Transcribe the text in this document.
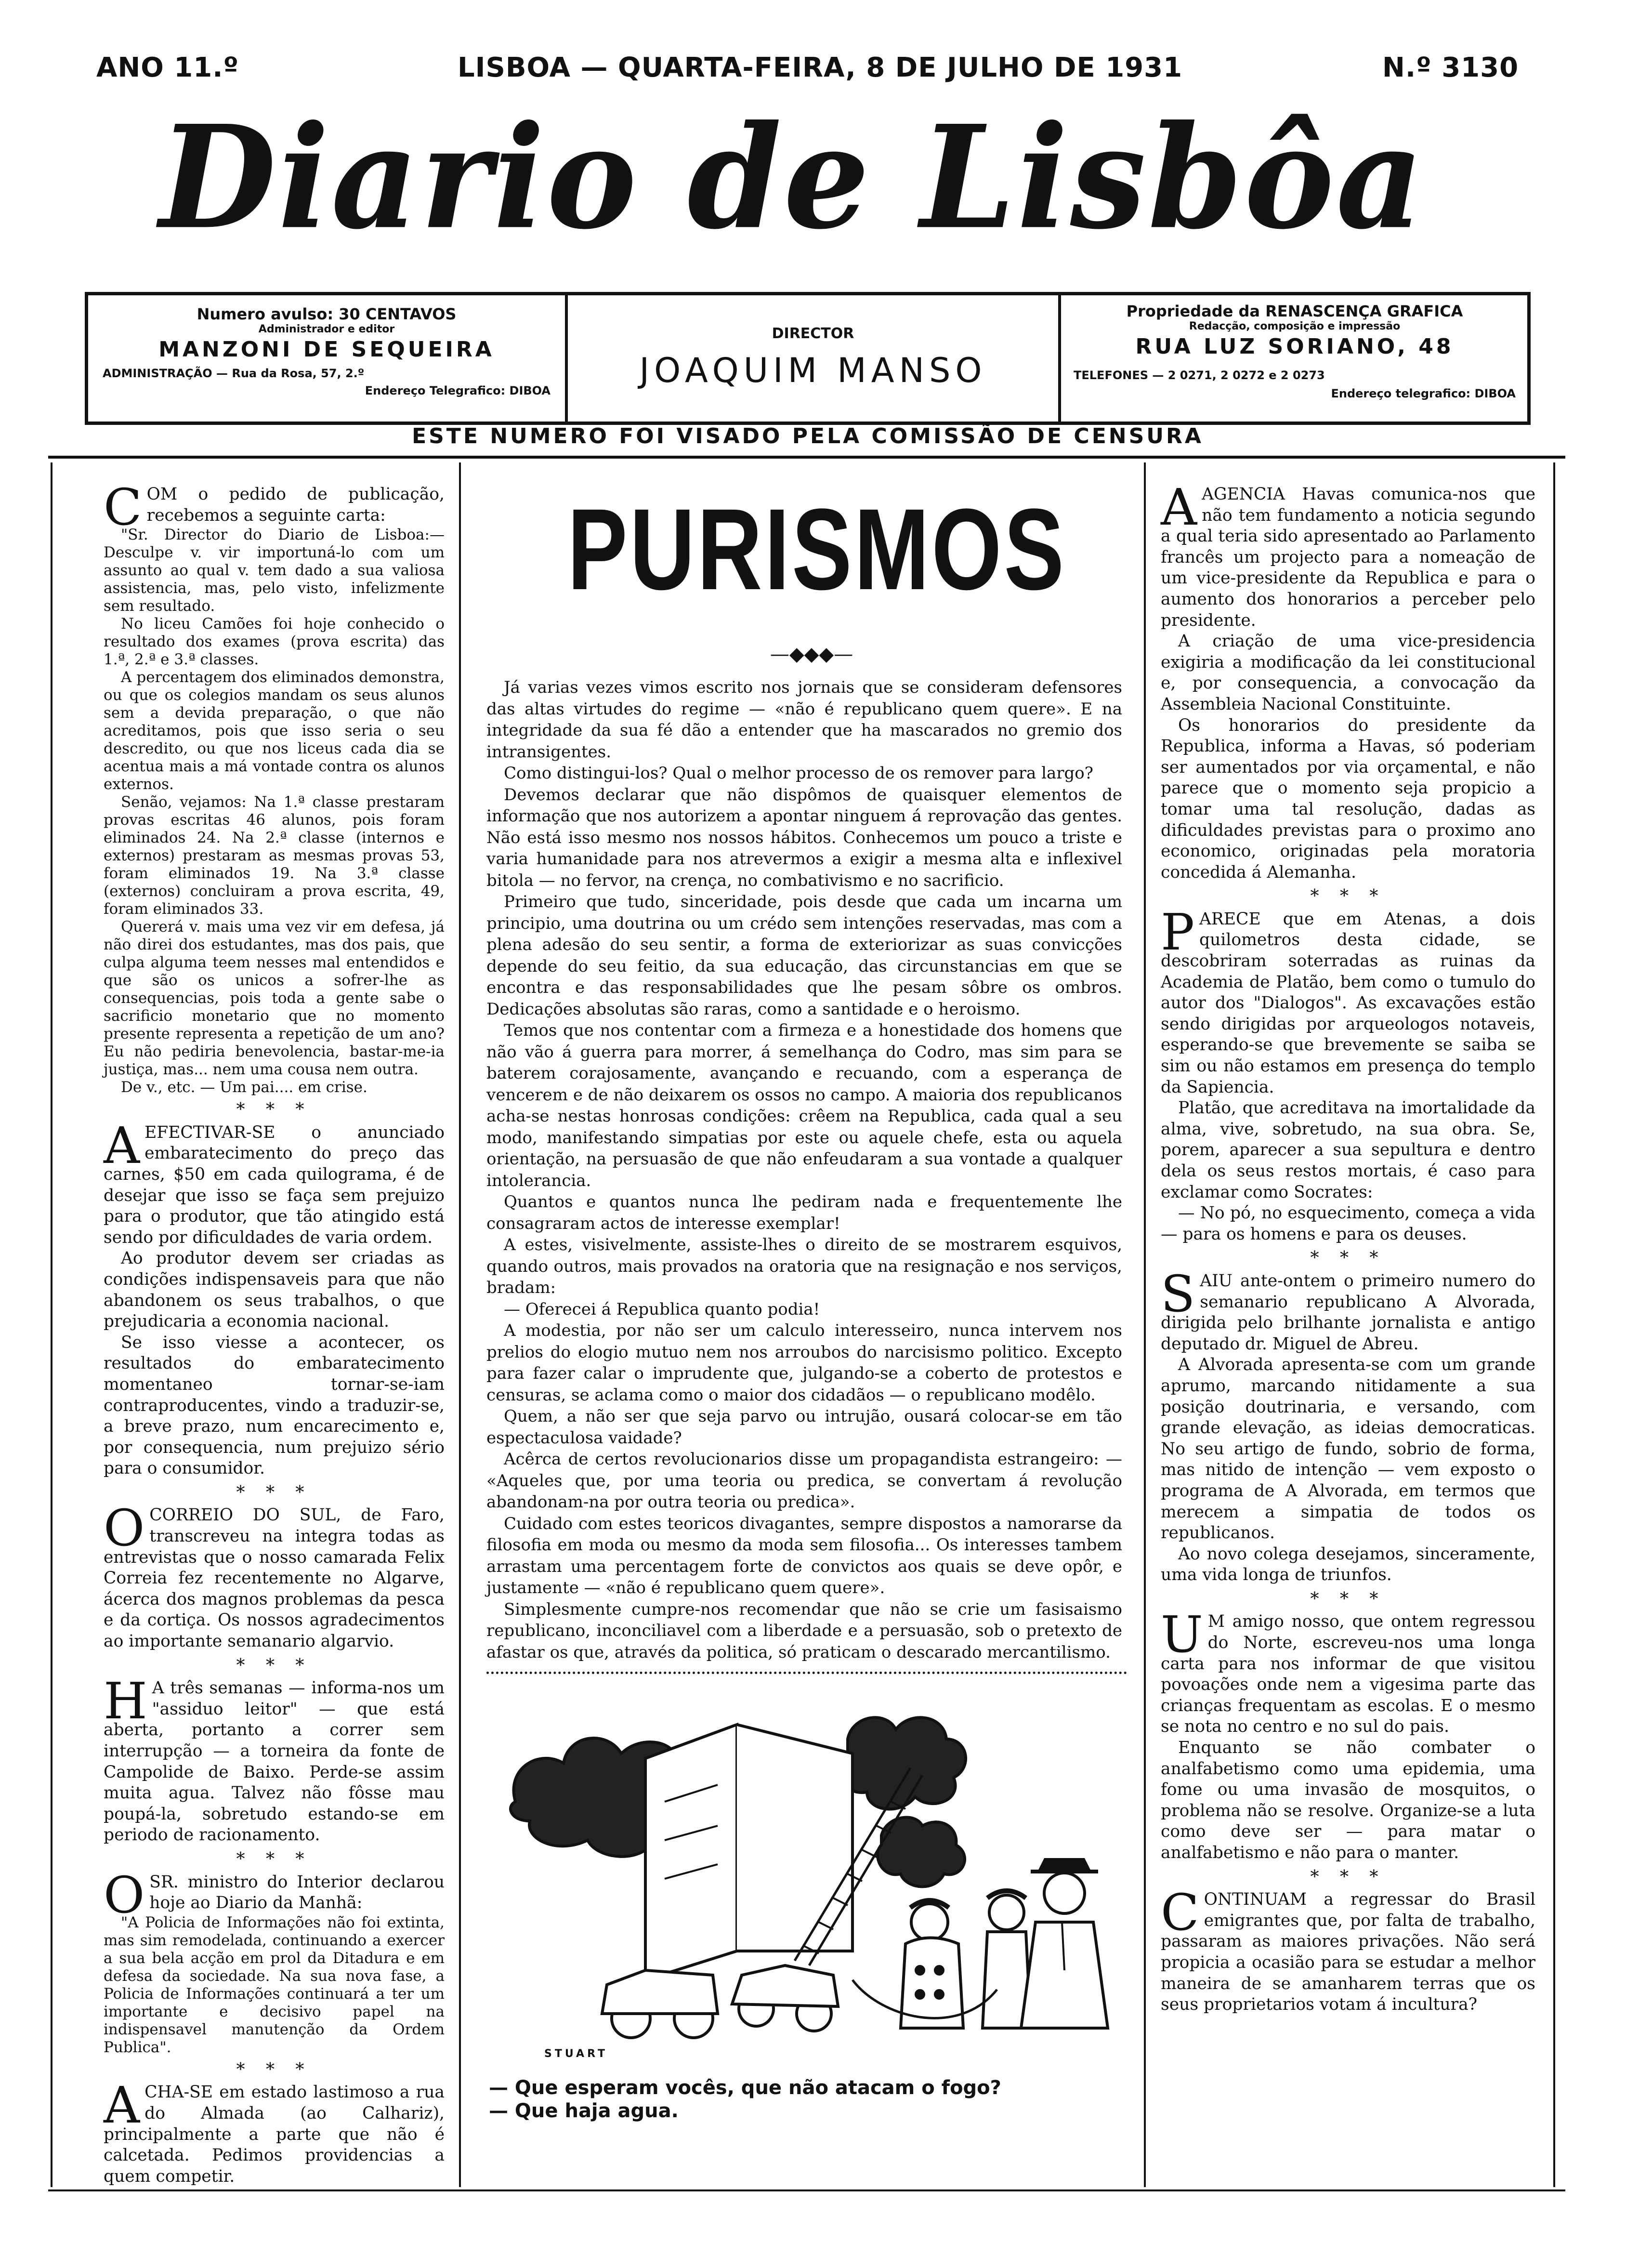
ANO 11.º	LISBOA — QUARTA-FEIRA, 8 DE JULHO DE 1931	N.º 3130
Diario de Lisbôa
Numero avulso: 30 CENTAVOS
Administrador e editor
MANZONI DE SEQUEIRA
ADMINISTRAÇÃO — Rua da Rosa, 57, 2.º
Endereço Telegrafico: DIBOA
DIRECTOR
JOAQUIM MANSO
Propriedade da RENASCENÇA GRAFICA
Redacção, composição e impressão
RUA LUZ SORIANO, 48
TELEFONES — 2 0271, 2 0272 e 2 0273
Endereço telegrafico: DIBOA
ESTE NUMERO FOI VISADO PELA COMISSÃO DE CENSURA

COM o pedido de publicação, recebemos a seguinte carta:

"Sr. Director do Diario de Lisboa:— Desculpe v. vir importuná-lo com um assunto ao qual v. tem dado a sua valiosa assistencia, mas, pelo visto, infelizmente sem resultado.

No liceu Camões foi hoje conhecido o resultado dos exames (prova escrita) das 1.ª, 2.ª e 3.ª classes.

A percentagem dos eliminados demonstra, ou que os colegios mandam os seus alunos sem a devida preparação, o que não acreditamos, pois que isso seria o seu descredito, ou que nos liceus cada dia se acentua mais a má vontade contra os alunos externos.

Senão, vejamos: Na 1.ª classe prestaram provas escritas 46 alunos, pois foram eliminados 24. Na 2.ª classe (internos e externos) prestaram as mesmas provas 53, foram eliminados 19. Na 3.ª classe (externos) concluiram a prova escrita, 49, foram eliminados 33.

Quererá v. mais uma vez vir em defesa, já não direi dos estudantes, mas dos pais, que culpa alguma teem nesses mal entendidos e que são os unicos a sofrer-lhe as consequencias, pois toda a gente sabe o sacrificio monetario que no momento presente representa a repetição de um ano? Eu não pediria benevolencia, bastar-me-ia justiça, mas... nem uma cousa nem outra.

De v., etc. — Um pai.... em crise.

* * *

AEFECTIVAR-SE o anunciado embaratecimento do preço das carnes, $50 em cada quilograma, é de desejar que isso se faça sem prejuizo para o produtor, que tão atingido está sendo por dificuldades de varia ordem.

Ao produtor devem ser criadas as condições indispensaveis para que não abandonem os seus trabalhos, o que prejudicaria a economia nacional.

Se isso viesse a acontecer, os resultados do embaratecimento momentaneo tornar-se-iam contraproducentes, vindo a traduzir-se, a breve prazo, num encarecimento e, por consequencia, num prejuizo sério para o consumidor.

* * *

OCORREIO DO SUL, de Faro, transcreveu na integra todas as entrevistas que o nosso camarada Felix Correia fez recentemente no Algarve, ácerca dos magnos problemas da pesca e da cortiça. Os nossos agradecimentos ao importante semanario algarvio.

* * *

H A três semanas — informa-nos um "assiduo leitor" — que está aberta, portanto a correr sem interrupção — a torneira da fonte de Campolide de Baixo. Perde-se assim muita agua. Talvez não fôsse mau poupá-la, sobretudo estando-se em periodo de racionamento.

* * *

OSR. ministro do Interior declarou hoje ao Diario da Manhã:

"A Policia de Informações não foi extinta, mas sim remodelada, continuando a exercer a sua bela acção em prol da Ditadura e em defesa da sociedade. Na sua nova fase, a Policia de Informações continuará a ter um importante e decisivo papel na indispensavel manutenção da Ordem Publica".

* * *

ACHA-SE em estado lastimoso a rua do Almada (ao Calhariz), principalmente a parte que não é calcetada. Pedimos providencias a quem competir.

PURISMOS
—◆◆◆—

Já varias vezes vimos escrito nos jornais que se consideram defensores das altas virtudes do regime — «não é republicano quem quere». E na integridade da sua fé dão a entender que ha mascarados no gremio dos intransigentes.

Como distingui-los? Qual o melhor processo de os remover para largo?

Devemos declarar que não dispômos de quaisquer elementos de informação que nos autorizem a apontar ninguem á reprovação das gentes. Não está isso mesmo nos nossos hábitos. Conhecemos um pouco a triste e varia humanidade para nos atrevermos a exigir a mesma alta e inflexivel bitola — no fervor, na crença, no combativismo e no sacrificio.

Primeiro que tudo, sinceridade, pois desde que cada um incarna um principio, uma doutrina ou um crédo sem intenções reservadas, mas com a plena adesão do seu sentir, a forma de exteriorizar as suas convicções depende do seu feitio, da sua educação, das circunstancias em que se encontra e das responsabilidades que lhe pesam sôbre os ombros. Dedicações absolutas são raras, como a santidade e o heroismo.

Temos que nos contentar com a firmeza e a honestidade dos homens que não vão á guerra para morrer, á semelhança do Codro, mas sim para se baterem corajosamente, avançando e recuando, com a esperança de vencerem e de não deixarem os ossos no campo. A maioria dos republicanos acha-se nestas honrosas condições: crêem na Republica, cada qual a seu modo, manifestando simpatias por este ou aquele chefe, esta ou aquela orientação, na persuasão de que não enfeudaram a sua vontade a qualquer intolerancia.

Quantos e quantos nunca lhe pediram nada e frequentemente lhe consagraram actos de interesse exemplar!

A estes, visivelmente, assiste-lhes o direito de se mostrarem esquivos, quando outros, mais provados na oratoria que na resignação e nos serviços, bradam:

— Oferecei á Republica quanto podia!

A modestia, por não ser um calculo interesseiro, nunca intervem nos prelios do elogio mutuo nem nos arroubos do narcisismo politico. Excepto para fazer calar o imprudente que, julgando-se a coberto de protestos e censuras, se aclama como o maior dos cidadãos — o republicano modêlo.

Quem, a não ser que seja parvo ou intrujão, ousará colocar-se em tão espectaculosa vaidade?

Acêrca de certos revolucionarios disse um propagandista estrangeiro: — «Aqueles que, por uma teoria ou predica, se convertam á revolução abandonam-na por outra teoria ou predica».

Cuidado com estes teoricos divagantes, sempre dispostos a namorarse da filosofia em moda ou mesmo da moda sem filosofia... Os interesses tambem arrastam uma percentagem forte de convictos aos quais se deve opôr, e justamente — «não é republicano quem quere».

Simplesmente cumpre-nos recomendar que não se crie um fasisaismo republicano, inconciliavel com a liberdade e a persuasão, sob o pretexto de afastar os que, através da politica, só praticam o descarado mercantilismo.

STUART
— Que esperam vocês, que não atacam o fogo?
— Que haja agua.

AAGENCIA Havas comunica-nos que não tem fundamento a noticia segundo a qual teria sido apresentado ao Parlamento francês um projecto para a nomeação de um vice-presidente da Republica e para o aumento dos honorarios a perceber pelo presidente.

A criação de uma vice-presidencia exigiria a modificação da lei constitucional e, por consequencia, a convocação da Assembleia Nacional Constituinte.

Os honorarios do presidente da Republica, informa a Havas, só poderiam ser aumentados por via orçamental, e não parece que o momento seja propicio a tomar uma tal resolução, dadas as dificuldades previstas para o proximo ano economico, originadas pela moratoria concedida á Alemanha.

* * *

PARECE que em Atenas, a dois quilometros desta cidade, se descobriram soterradas as ruinas da Academia de Platão, bem como o tumulo do autor dos "Dialogos". As excavações estão sendo dirigidas por arqueologos notaveis, esperando-se que brevemente se saiba se sim ou não estamos em presença do templo da Sapiencia.

Platão, que acreditava na imortalidade da alma, vive, sobretudo, na sua obra. Se, porem, aparecer a sua sepultura e dentro dela os seus restos mortais, é caso para exclamar como Socrates:

— No pó, no esquecimento, começa a vida — para os homens e para os deuses.

* * *

SAIU ante-ontem o primeiro numero do semanario republicano A Alvorada, dirigida pelo brilhante jornalista e antigo deputado dr. Miguel de Abreu.

A Alvorada apresenta-se com um grande aprumo, marcando nitidamente a sua posição doutrinaria, e versando, com grande elevação, as ideias democraticas. No seu artigo de fundo, sobrio de forma, mas nitido de intenção — vem exposto o programa de A Alvorada, em termos que merecem a simpatia de todos os republicanos.

Ao novo colega desejamos, sinceramente, uma vida longa de triunfos.

* * *

U M amigo nosso, que ontem regressou do Norte, escreveu-nos uma longa carta para nos informar de que visitou povoações onde nem a vigesima parte das crianças frequentam as escolas. E o mesmo se nota no centro e no sul do pais.

Enquanto se não combater o analfabetismo como uma epidemia, uma fome ou uma invasão de mosquitos, o problema não se resolve. Organize-se a luta como deve ser — para matar o analfabetismo e não para o manter.

* * *

CONTINUAM a regressar do Brasil emigrantes que, por falta de trabalho, passaram as maiores privações. Não será propicia a ocasião para se estudar a melhor maneira de se amanharem terras que os seus proprietarios votam á incultura?
